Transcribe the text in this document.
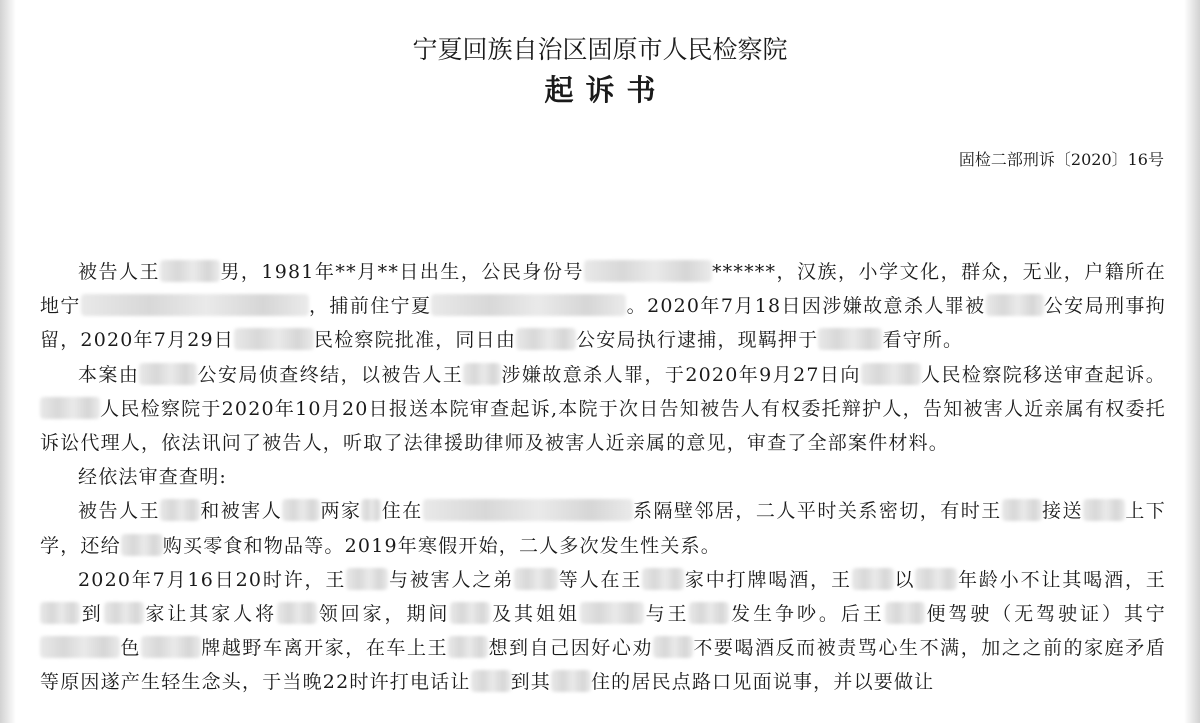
宁夏回族自治区固原市人民检察院
起诉书
固检二部刑诉〔2020〕16号

被告人王	男，1981年**月**日出生，公民身份号	******，汉族，小学文化，群众，无业，户籍所在地宁	，捕前住宁夏	。2020年7月18日因涉嫌故意杀人罪被	公安局刑事拘留，2020年7月29日	民检察院批准，同日由	公安局执行逮捕，现羁押于	看守所。

本案由	公安局侦查终结，以被告人王 涉嫌故意杀人罪，于2020年9月27日向	人民检察院移送审查起诉。人民检察院于2020年10月20日报送本院审查起诉,本院于次日告知被告人有权委托辩护人，告知被害人近亲属有权委托诉讼代理人，依法讯问了被告人，听取了法律援助律师及被害人近亲属的意见，审查了全部案件材料。

经依法审查查明:

被告人王 和被害人 两家 住在	系隔壁邻居，二人平时关系密切，有时王 接送 上下学，还给 购买零食和物品等。2019年寒假开始，二人多次发生性关系。

2020年7月16日20时许，王 与被害人之弟 等人在王 家中打牌喝酒，王 以 年龄小不让其喝酒，王到 家让其家人将 领回家，期间 及其姐姐	与王 发生争吵。后王 便驾驶（无驾驶证）其宁色	牌越野车离开家，在车上王 想到自己因好心劝 不要喝酒反而被责骂心生不满，加之之前的家庭矛盾等原因遂产生轻生念头，于当晚22时许打电话让 到其 住的居民点路口见面说事，并以要做让
